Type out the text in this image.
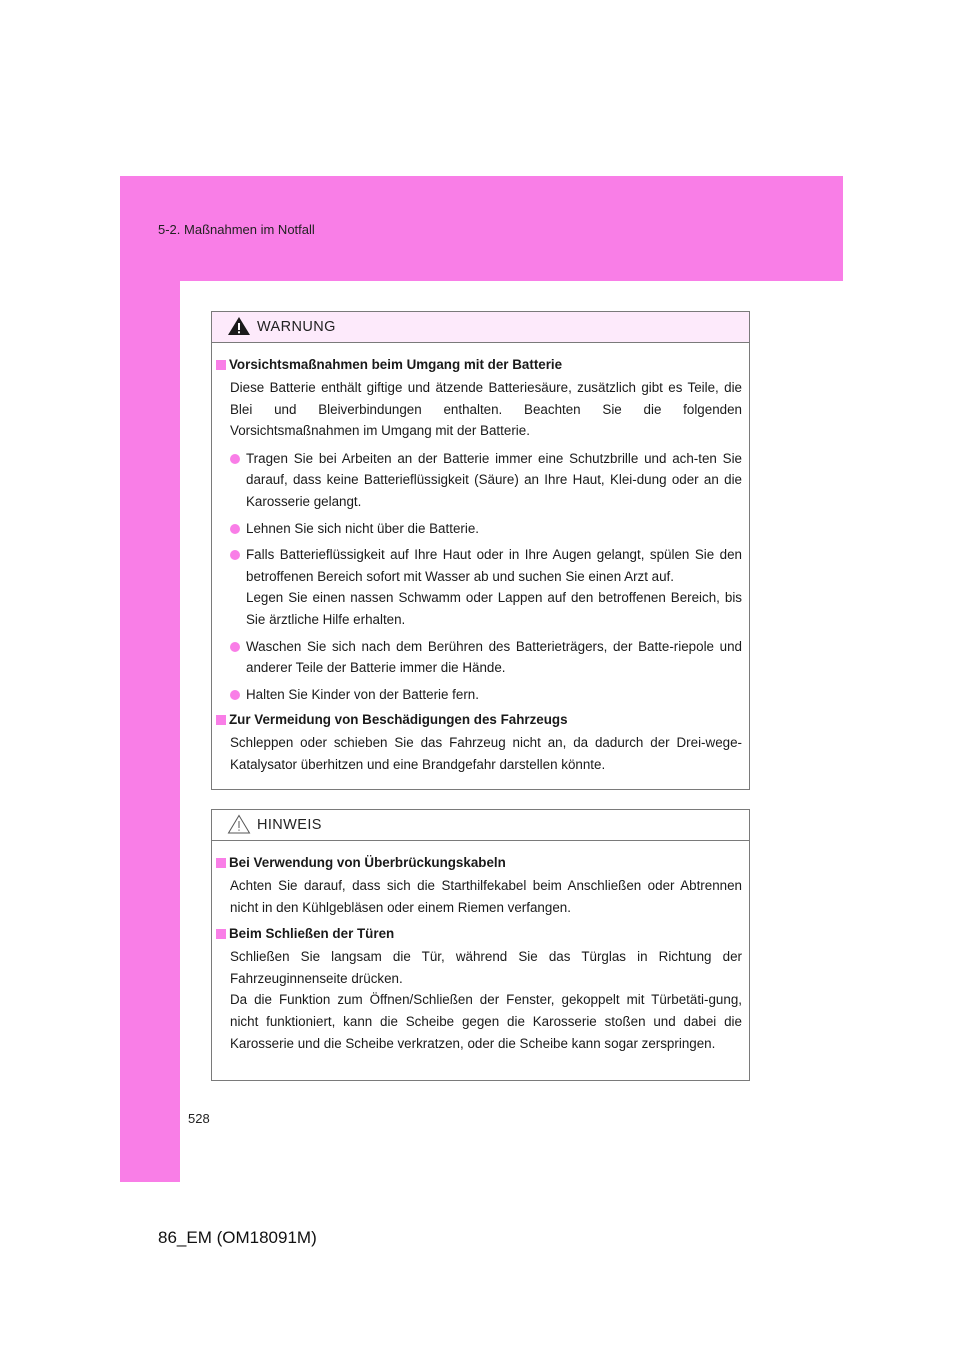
5-2. Maßnahmen im Notfall
WARNUNG
Vorsichtsmaßnahmen beim Umgang mit der Batterie
Diese Batterie enthält giftige und ätzende Batteriesäure, zusätzlich gibt es Teile, die Blei und Bleiverbindungen enthalten. Beachten Sie die folgenden Vorsichtsmaßnahmen im Umgang mit der Batterie.
Tragen Sie bei Arbeiten an der Batterie immer eine Schutzbrille und ach-ten Sie darauf, dass keine Batterieflüssigkeit (Säure) an Ihre Haut, Klei-dung oder an die Karosserie gelangt.
Lehnen Sie sich nicht über die Batterie.
Falls Batterieflüssigkeit auf Ihre Haut oder in Ihre Augen gelangt, spülen Sie den betroffenen Bereich sofort mit Wasser ab und suchen Sie einen Arzt auf.
Legen Sie einen nassen Schwamm oder Lappen auf den betroffenen Bereich, bis Sie ärztliche Hilfe erhalten.
Waschen Sie sich nach dem Berühren des Batterieträgers, der Batte-riepole und anderer Teile der Batterie immer die Hände.
Halten Sie Kinder von der Batterie fern.
Zur Vermeidung von Beschädigungen des Fahrzeugs
Schleppen oder schieben Sie das Fahrzeug nicht an, da dadurch der Drei-wege-Katalysator überhitzen und eine Brandgefahr darstellen könnte.
HINWEIS
Bei Verwendung von Überbrückungskabeln
Achten Sie darauf, dass sich die Starthilfekabel beim Anschließen oder Abtrennen nicht in den Kühlgebläsen oder einem Riemen verfangen.
Beim Schließen der Türen
Schließen Sie langsam die Tür, während Sie das Türglas in Richtung der Fahrzeuginnenseite drücken.
Da die Funktion zum Öffnen/Schließen der Fenster, gekoppelt mit Türbetäti-gung, nicht funktioniert, kann die Scheibe gegen die Karosserie stoßen und dabei die Karosserie und die Scheibe verkratzen, oder die Scheibe kann sogar zerspringen.
528
86_EM (OM18091M)
